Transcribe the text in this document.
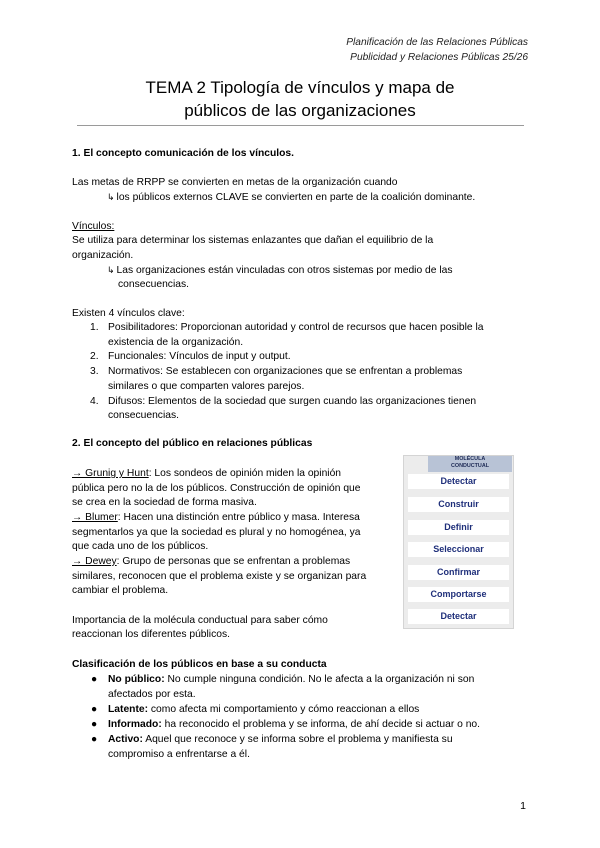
Planificación de las Relaciones Públicas
Publicidad y Relaciones Públicas 25/26
TEMA 2 Tipología de vínculos y mapa de
públicos de las organizaciones
1. El concepto comunicación de los vínculos.
Las metas de RRPP se convierten en metas de la organización cuando
↳ los públicos externos CLAVE se convierten en parte de la coalición dominante.
Vínculos:
Se utiliza para determinar los sistemas enlazantes que dañan el equilibrio de la
organización.
↳ Las organizaciones están vinculadas con otros sistemas por medio de las
consecuencias.
Existen 4 vínculos clave:
1. Posibilitadores: Proporcionan autoridad y control de recursos que hacen posible la
existencia de la organización.
2. Funcionales: Vínculos de input y output.
3. Normativos: Se establecen con organizaciones que se enfrentan a problemas
similares o que comparten valores parejos.
4. Difusos: Elementos de la sociedad que surgen cuando las organizaciones tienen
consecuencias.
2. El concepto del público en relaciones públicas
→ Grunig y Hunt: Los sondeos de opinión miden la opinión
pública pero no la de los públicos. Construcción de opinión que
se crea en la sociedad de forma masiva.
→ Blumer: Hacen una distinción entre público y masa. Interesa
segmentarlos ya que la sociedad es plural y no homogénea, ya
que cada uno de los públicos.
→ Dewey: Grupo de personas que se enfrentan a problemas
similares, reconocen que el problema existe y se organizan para
cambiar el problema.
Importancia de la molécula conductual para saber cómo
reaccionan los diferentes públicos.
MOLÉCULA
CONDUCTUAL
Detectar
Construir
Definir
Seleccionar
Confirmar
Comportarse
Detectar
Clasificación de los públicos en base a su conducta
● No público: No cumple ninguna condición. No le afecta a la organización ni son
afectados por esta.
● Latente: como afecta mi comportamiento y cómo reaccionan a ellos
● Informado: ha reconocido el problema y se informa, de ahí decide si actuar o no.
● Activo: Aquel que reconoce y se informa sobre el problema y manifiesta su
compromiso a enfrentarse a él.
1
